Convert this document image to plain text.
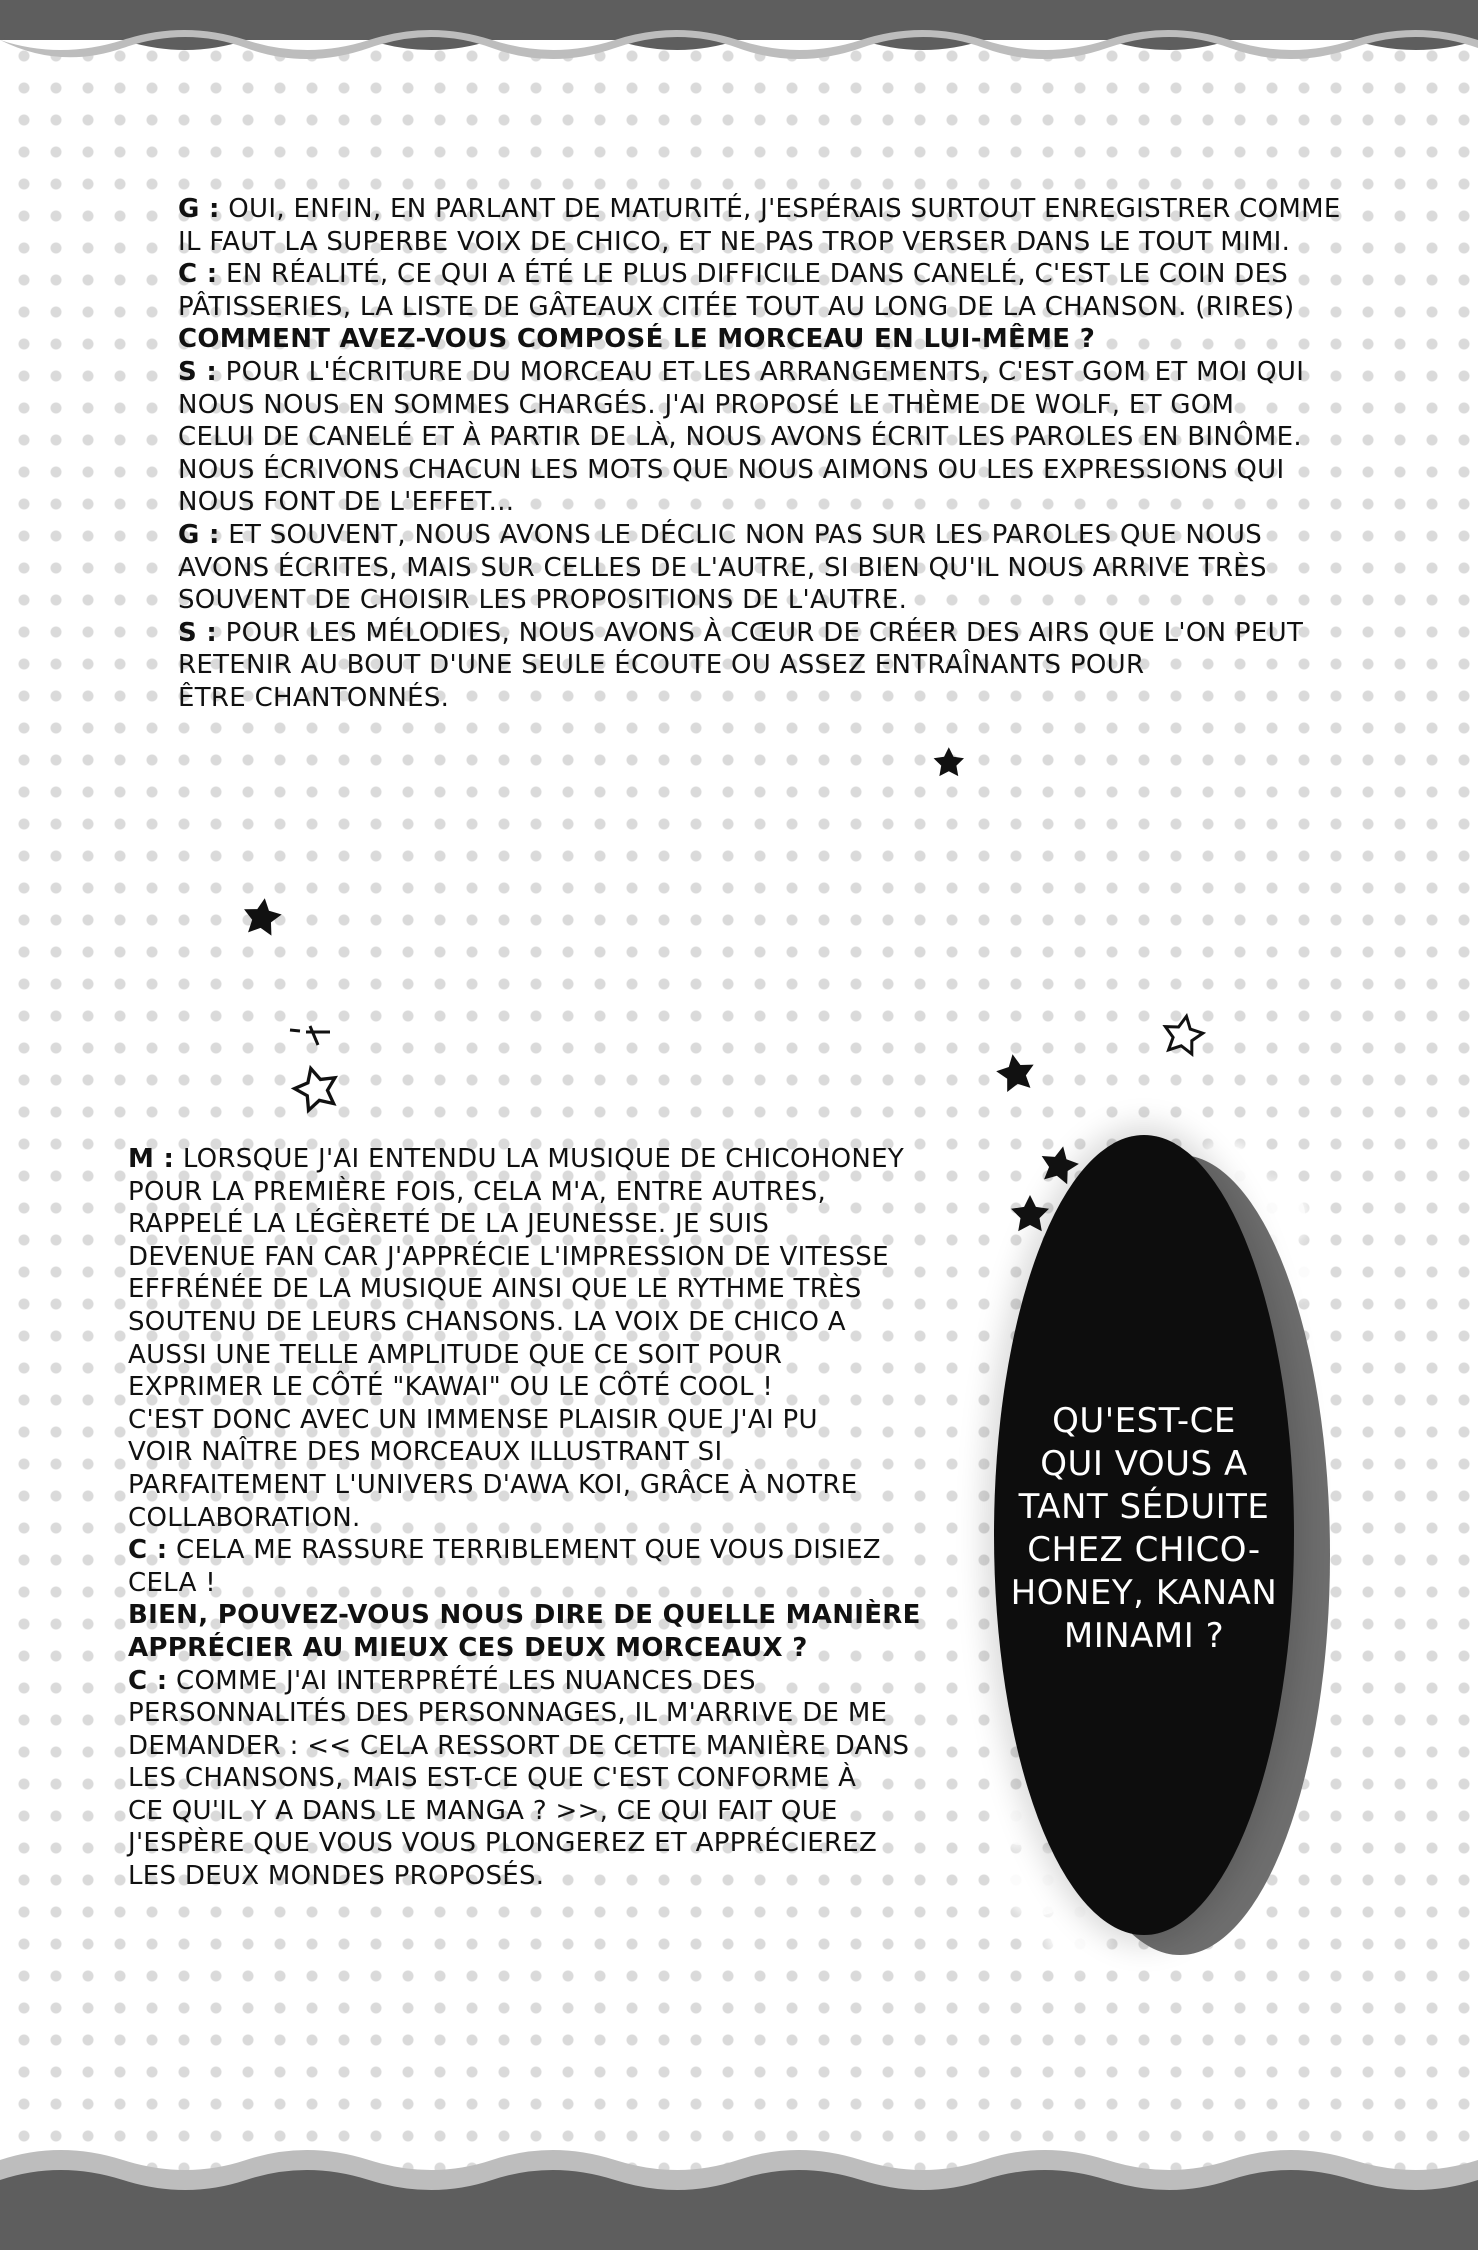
G : OUI, ENFIN, EN PARLANT DE MATURITÉ, J'ESPÉRAIS SURTOUT ENREGISTRER COMME
IL FAUT LA SUPERBE VOIX DE CHICO, ET NE PAS TROP VERSER DANS LE TOUT MIMI.

C : EN RÉALITÉ, CE QUI A ÉTÉ LE PLUS DIFFICILE DANS CANELÉ, C'EST LE COIN DES
PÂTISSERIES, LA LISTE DE GÂTEAUX CITÉE TOUT AU LONG DE LA CHANSON. (RIRES)

COMMENT AVEZ-VOUS COMPOSÉ LE MORCEAU EN LUI-MÊME ?

S : POUR L'ÉCRITURE DU MORCEAU ET LES ARRANGEMENTS, C'EST GOM ET MOI QUI
NOUS NOUS EN SOMMES CHARGÉS. J'AI PROPOSÉ LE THÈME DE WOLF, ET GOM
CELUI DE CANELÉ ET À PARTIR DE LÀ, NOUS AVONS ÉCRIT LES PAROLES EN BINÔME.
NOUS ÉCRIVONS CHACUN LES MOTS QUE NOUS AIMONS OU LES EXPRESSIONS QUI
NOUS FONT DE L'EFFET...

G : ET SOUVENT, NOUS AVONS LE DÉCLIC NON PAS SUR LES PAROLES QUE NOUS
AVONS ÉCRITES, MAIS SUR CELLES DE L'AUTRE, SI BIEN QU'IL NOUS ARRIVE TRÈS
SOUVENT DE CHOISIR LES PROPOSITIONS DE L'AUTRE.

S : POUR LES MÉLODIES, NOUS AVONS À CŒUR DE CRÉER DES AIRS QUE L'ON PEUT
RETENIR AU BOUT D'UNE SEULE ÉCOUTE OU ASSEZ ENTRAÎNANTS POUR
ÊTRE CHANTONNÉS.

M : LORSQUE J'AI ENTENDU LA MUSIQUE DE CHICOHONEY
POUR LA PREMIÈRE FOIS, CELA M'A, ENTRE AUTRES,
RAPPELÉ LA LÉGÈRETÉ DE LA JEUNESSE. JE SUIS
DEVENUE FAN CAR J'APPRÉCIE L'IMPRESSION DE VITESSE
EFFRÉNÉE DE LA MUSIQUE AINSI QUE LE RYTHME TRÈS
SOUTENU DE LEURS CHANSONS. LA VOIX DE CHICO A
AUSSI UNE TELLE AMPLITUDE QUE CE SOIT POUR
EXPRIMER LE CÔTÉ "KAWAI" OU LE CÔTÉ COOL !
C'EST DONC AVEC UN IMMENSE PLAISIR QUE J'AI PU
VOIR NAÎTRE DES MORCEAUX ILLUSTRANT SI
PARFAITEMENT L'UNIVERS D'AWA KOI, GRÂCE À NOTRE
COLLABORATION.

C : CELA ME RASSURE TERRIBLEMENT QUE VOUS DISIEZ
CELA !

BIEN, POUVEZ-VOUS NOUS DIRE DE QUELLE MANIÈRE
APPRÉCIER AU MIEUX CES DEUX MORCEAUX ?

C : COMME J'AI INTERPRÉTÉ LES NUANCES DES
PERSONNALITÉS DES PERSONNAGES, IL M'ARRIVE DE ME
DEMANDER : << CELA RESSORT DE CETTE MANIÈRE DANS
LES CHANSONS, MAIS EST-CE QUE C'EST CONFORME À
CE QU'IL Y A DANS LE MANGA ? >>, CE QUI FAIT QUE
J'ESPÈRE QUE VOUS VOUS PLONGEREZ ET APPRÉCIEREZ
LES DEUX MONDES PROPOSÉS.

QU'EST-CE
QUI VOUS A
TANT SÉDUITE
CHEZ CHICO-
HONEY, KANAN
MINAMI ?
